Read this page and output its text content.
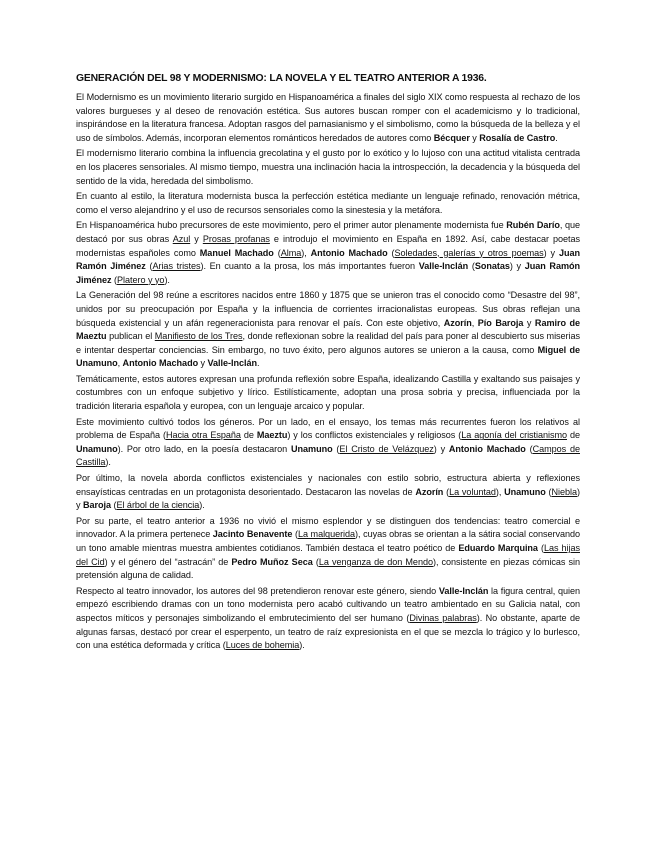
GENERACIÓN DEL 98 Y MODERNISMO: LA NOVELA Y EL TEATRO ANTERIOR A 1936.

El Modernismo es un movimiento literario surgido en Hispanoamérica a finales del siglo XIX como respuesta al rechazo de los valores burgueses y al deseo de renovación estética. Sus autores buscan romper con el academicismo y lo tradicional, inspirándose en la literatura francesa. Adoptan rasgos del parnasianismo y el simbolismo, como la búsqueda de la belleza y el uso de símbolos. Además, incorporan elementos románticos heredados de autores como Bécquer y Rosalía de Castro.

El modernismo literario combina la influencia grecolatina y el gusto por lo exótico y lo lujoso con una actitud vitalista centrada en los placeres sensoriales. Al mismo tiempo, muestra una inclinación hacia la introspección, la decadencia y la búsqueda del sentido de la vida, heredada del simbolismo.

En cuanto al estilo, la literatura modernista busca la perfección estética mediante un lenguaje refinado, renovación métrica, como el verso alejandrino y el uso de recursos sensoriales como la sinestesia y la metáfora.

En Hispanoamérica hubo precursores de este movimiento, pero el primer autor plenamente modernista fue Rubén Darío, que destacó por sus obras Azul y Prosas profanas e introdujo el movimiento en España en 1892. Así, cabe destacar poetas modernistas españoles como Manuel Machado (Alma), Antonio Machado (Soledades, galerías y otros poemas) y Juan Ramón Jiménez (Arias tristes). En cuanto a la prosa, los más importantes fueron Valle-Inclán (Sonatas) y Juan Ramón Jiménez (Platero y yo).

La Generación del 98 reúne a escritores nacidos entre 1860 y 1875 que se unieron tras el conocido como “Desastre del 98”, unidos por su preocupación por España y la influencia de corrientes irracionalistas europeas. Sus obras reflejan una búsqueda existencial y un afán regeneracionista para renovar el país. Con este objetivo, Azorín, Pío Baroja y Ramiro de Maeztu publican el Manifiesto de los Tres, donde reflexionan sobre la realidad del país para poner al descubierto sus miserias e intentar despertar conciencias. Sin embargo, no tuvo éxito, pero algunos autores se unieron a la causa, como Miguel de Unamuno, Antonio Machado y Valle-Inclán.

Temáticamente, estos autores expresan una profunda reflexión sobre España, idealizando Castilla y exaltando sus paisajes y costumbres con un enfoque subjetivo y lírico. Estilísticamente, adoptan una prosa sobria y precisa, influenciada por la tradición literaria española y europea, con un lenguaje arcaico y popular.

Este movimiento cultivó todos los géneros. Por un lado, en el ensayo, los temas más recurrentes fueron los relativos al problema de España (Hacia otra España de Maeztu) y los conflictos existenciales y religiosos (La agonía del cristianismo de Unamuno). Por otro lado, en la poesía destacaron Unamuno (El Cristo de Velázquez) y Antonio Machado (Campos de Castilla).

Por último, la novela aborda conflictos existenciales y nacionales con estilo sobrio, estructura abierta y reflexiones ensayísticas centradas en un protagonista desorientado. Destacaron las novelas de Azorín (La voluntad), Unamuno (Niebla) y Baroja (El árbol de la ciencia).

Por su parte, el teatro anterior a 1936 no vivió el mismo esplendor y se distinguen dos tendencias: teatro comercial e innovador. A la primera pertenece Jacinto Benavente (La malquerida), cuyas obras se orientan a la sátira social conservando un tono amable mientras muestra ambientes cotidianos. También destaca el teatro poético de Eduardo Marquina (Las hijas del Cid) y el género del “astracán” de Pedro Muñoz Seca (La venganza de don Mendo), consistente en piezas cómicas sin pretensión alguna de calidad.

Respecto al teatro innovador, los autores del 98 pretendieron renovar este género, siendo Valle-Inclán la figura central, quien empezó escribiendo dramas con un tono modernista pero acabó cultivando un teatro ambientado en su Galicia natal, con aspectos míticos y personajes simbolizando el embrutecimiento del ser humano (Divinas palabras). No obstante, aparte de algunas farsas, destacó por crear el esperpento, un teatro de raíz expresionista en el que se mezcla lo trágico y lo burlesco, con una estética deformada y crítica (Luces de bohemia).
